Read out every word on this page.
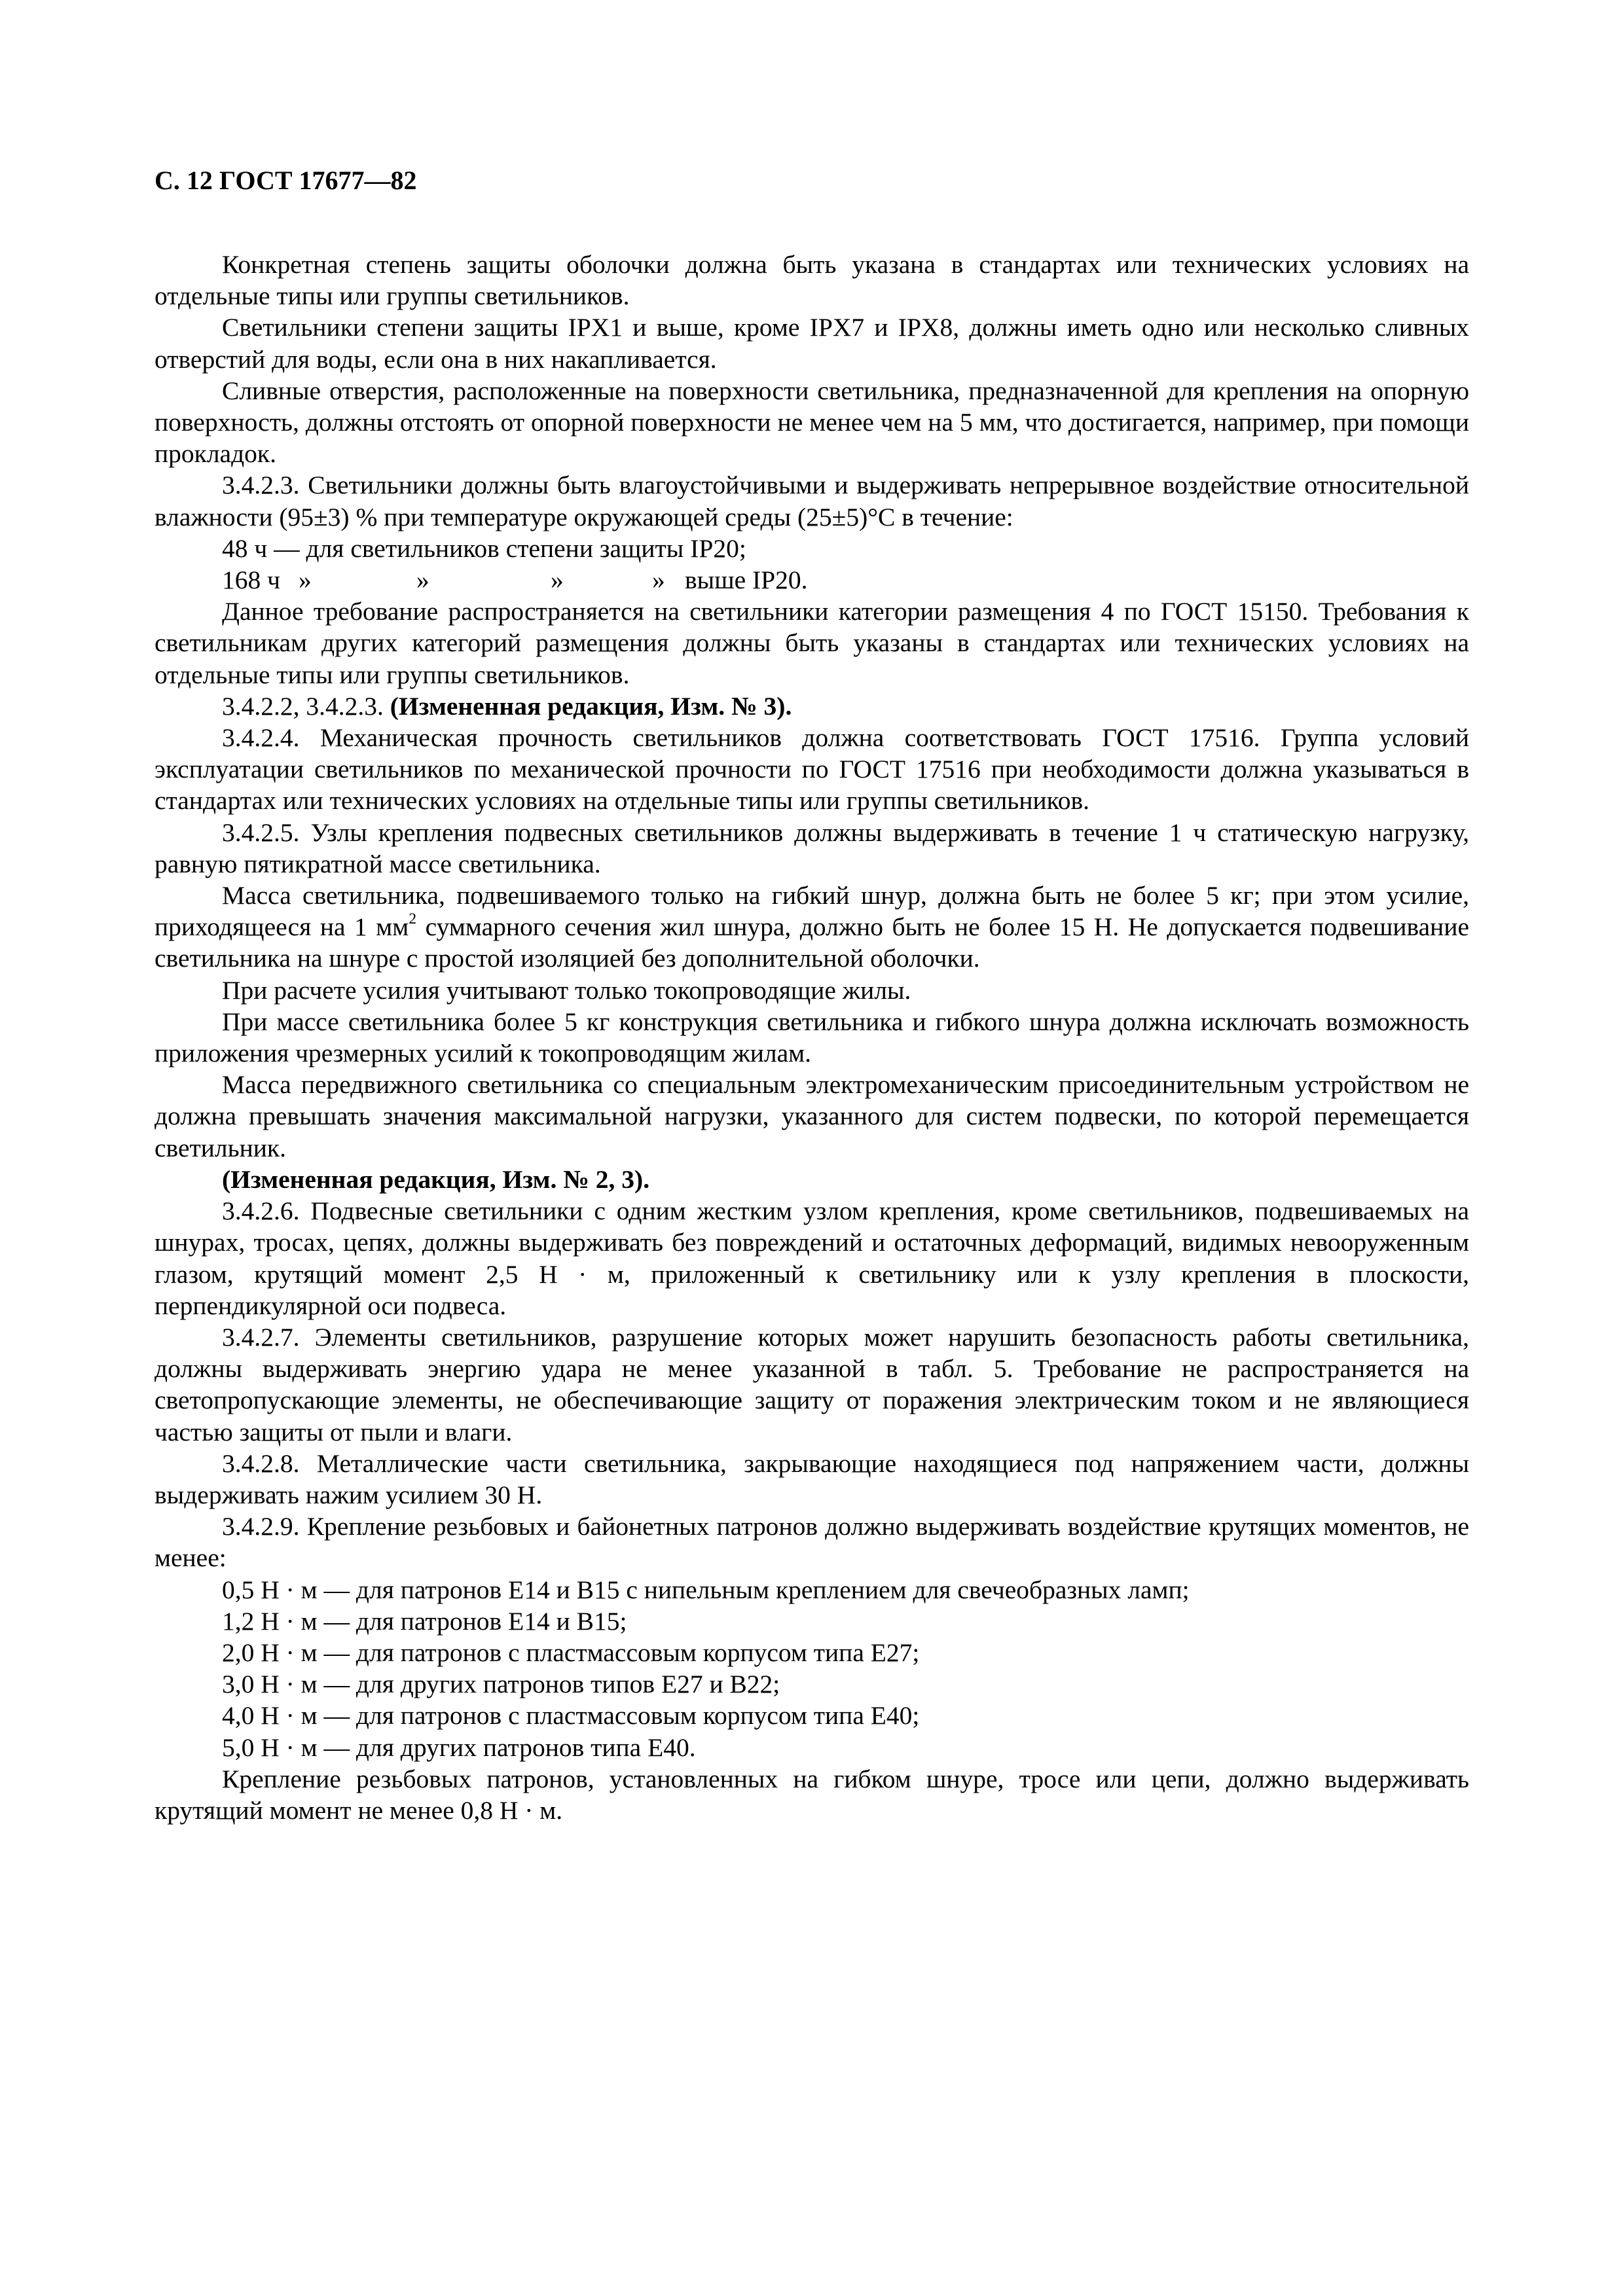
С. 12 ГОСТ 17677—82

Конкретная степень защиты оболочки должна быть указана в стандартах или технических условиях на отдельные типы или группы светильников.

Светильники степени защиты IPX1 и выше, кроме IPX7 и IPX8, должны иметь одно или несколько сливных отверстий для воды, если она в них накапливается.

Сливные отверстия, расположенные на поверхности светильника, предназначенной для крепления на опорную поверхность, должны отстоять от опорной поверхности не менее чем на 5 мм, что достигается, например, при помощи прокладок.

3.4.2.3. Светильники должны быть влагоустойчивыми и выдерживать непрерывное воздействие относительной влажности (95±3) % при температуре окружающей среды (25±5)°С в течение:

48 ч — для светильников степени защиты IP20;

168 ч »	»	»	» выше IP20.

Данное требование распространяется на светильники категории размещения 4 по ГОСТ 15150. Требования к светильникам других категорий размещения должны быть указаны в стандартах или технических условиях на отдельные типы или группы светильников.

3.4.2.2, 3.4.2.3. (Измененная редакция, Изм. № 3).

3.4.2.4. Механическая прочность светильников должна соответствовать ГОСТ 17516. Группа условий эксплуатации светильников по механической прочности по ГОСТ 17516 при необходимости должна указываться в стандартах или технических условиях на отдельные типы или группы светильников.

3.4.2.5. Узлы крепления подвесных светильников должны выдерживать в течение 1 ч статическую нагрузку, равную пятикратной массе светильника.

Масса светильника, подвешиваемого только на гибкий шнур, должна быть не более 5 кг; при этом усилие, приходящееся на 1 $мм^2$ суммарного сечения жил шнура, должно быть не более 15 Н. Не допускается подвешивание светильника на шнуре с простой изоляцией без дополнительной оболочки.

При расчете усилия учитывают только токопроводящие жилы.

При массе светильника более 5 кг конструкция светильника и гибкого шнура должна исключать возможность приложения чрезмерных усилий к токопроводящим жилам.

Масса передвижного светильника со специальным электромеханическим присоединительным устройством не должна превышать значения максимальной нагрузки, указанного для систем подвески, по которой перемещается светильник.

(Измененная редакция, Изм. № 2, 3).

3.4.2.6. Подвесные светильники с одним жестким узлом крепления, кроме светильников, подвешиваемых на шнурах, тросах, цепях, должны выдерживать без повреждений и остаточных деформаций, видимых невооруженным глазом, крутящий момент 2,5 Н · м, приложенный к светильнику или к узлу крепления в плоскости, перпендикулярной оси подвеса.

3.4.2.7. Элементы светильников, разрушение которых может нарушить безопасность работы светильника, должны выдерживать энергию удара не менее указанной в табл. 5. Требование не распространяется на светопропускающие элементы, не обеспечивающие защиту от поражения электрическим током и не являющиеся частью защиты от пыли и влаги.

3.4.2.8. Металлические части светильника, закрывающие находящиеся под напряжением части, должны выдерживать нажим усилием 30 Н.

3.4.2.9. Крепление резьбовых и байонетных патронов должно выдерживать воздействие крутящих моментов, не менее:

0,5 Н · м — для патронов Е14 и В15 с нипельным креплением для свечеобразных ламп;

1,2 Н · м — для патронов Е14 и В15;

2,0 Н · м — для патронов с пластмассовым корпусом типа Е27;

3,0 Н · м — для других патронов типов Е27 и В22;

4,0 Н · м — для патронов с пластмассовым корпусом типа Е40;

5,0 Н · м — для других патронов типа Е40.

Крепление резьбовых патронов, установленных на гибком шнуре, тросе или цепи, должно выдерживать крутящий момент не менее 0,8 Н · м.
